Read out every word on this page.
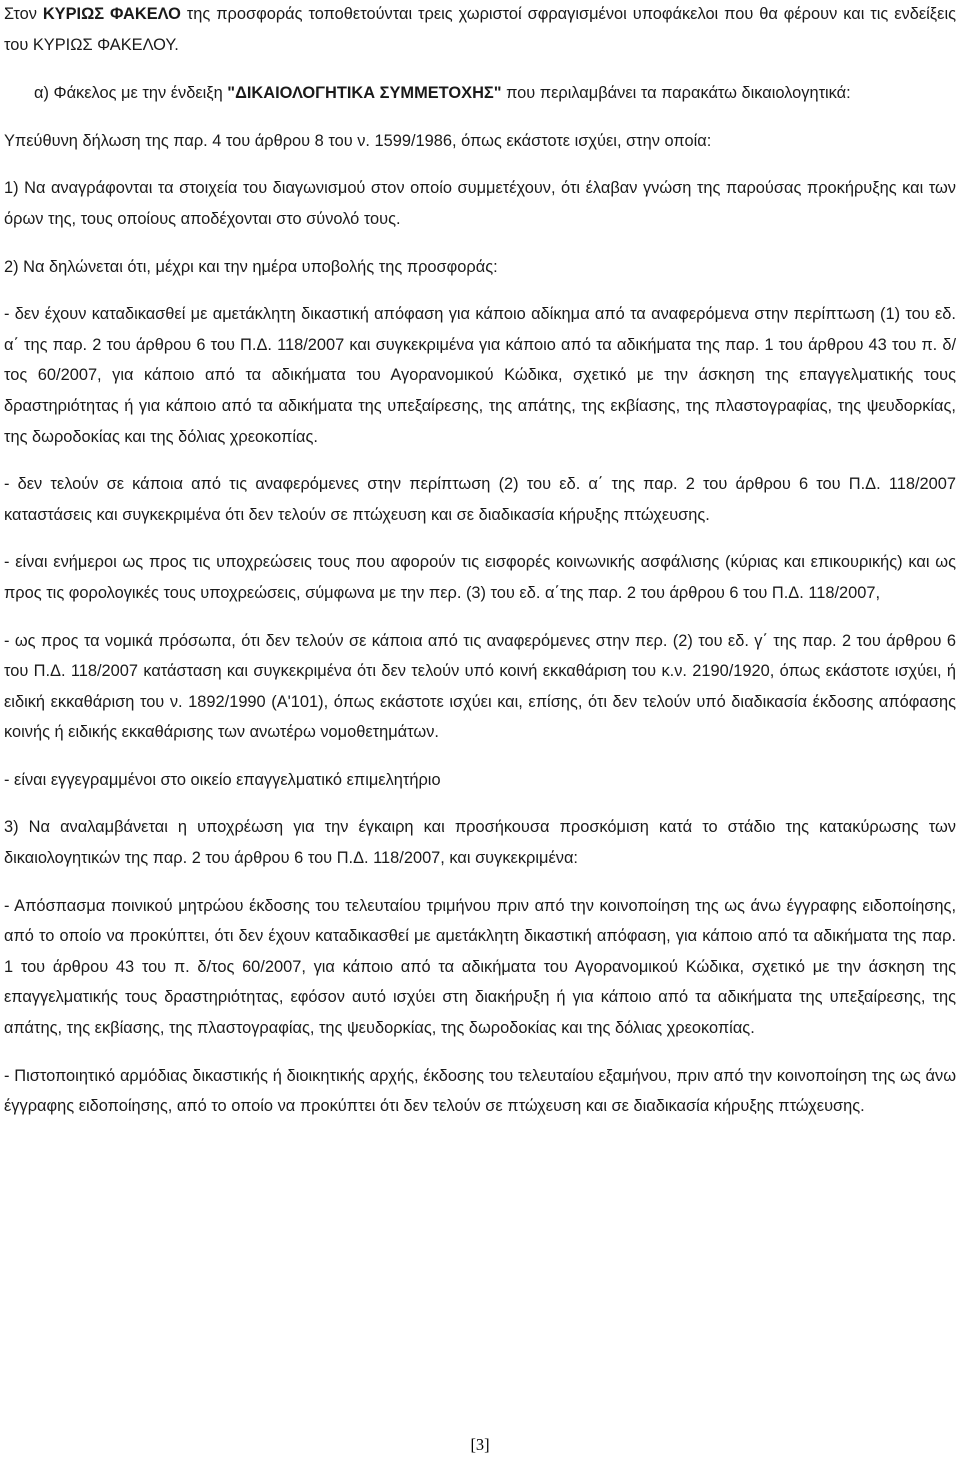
Στον ΚΥΡΙΩΣ ΦΑΚΕΛΟ της προσφοράς τοποθετούνται τρεις χωριστοί σφραγισμένοι υποφάκελοι που θα φέρουν και τις ενδείξεις του ΚΥΡΙΩΣ ΦΑΚΕΛΟΥ.

α) Φάκελος με την ένδειξη "ΔΙΚΑΙΟΛΟΓΗΤΙΚΑ ΣΥΜΜΕΤΟΧΗΣ" που περιλαμβάνει τα παρακάτω δικαιολογητικά:

Υπεύθυνη δήλωση της παρ. 4 του άρθρου 8 του ν. 1599/1986, όπως εκάστοτε ισχύει, στην οποία:

1) Να αναγράφονται τα στοιχεία του διαγωνισμού στον οποίο συμμετέχουν, ότι έλαβαν γνώση της παρούσας προκήρυξης και των όρων της, τους οποίους αποδέχονται στο σύνολό τους.

2) Να δηλώνεται ότι, μέχρι και την ημέρα υποβολής της προσφοράς:

- δεν έχουν καταδικασθεί με αμετάκλητη δικαστική απόφαση για κάποιο αδίκημα από τα αναφερόμενα στην περίπτωση (1) του εδ. α΄ της παρ. 2 του άρθρου 6 του Π.Δ. 118/2007 και συγκεκριμένα για κάποιο από τα αδικήματα της παρ. 1 του άρθρου 43 του π. δ/τος 60/2007, για κάποιο από τα αδικήματα του Αγορανομικού Κώδικα, σχετικό με την άσκηση της επαγγελματικής τους δραστηριότητας ή για κάποιο από τα αδικήματα της υπεξαίρεσης, της απάτης, της εκβίασης, της πλαστογραφίας, της ψευδορκίας, της δωροδοκίας και της δόλιας χρεοκοπίας.

- δεν τελούν σε κάποια από τις αναφερόμενες στην περίπτωση (2) του εδ. α΄ της παρ. 2 του άρθρου 6 του Π.Δ. 118/2007 καταστάσεις και συγκεκριμένα ότι δεν τελούν σε πτώχευση και σε διαδικασία κήρυξης πτώχευσης.

- είναι ενήμεροι ως προς τις υποχρεώσεις τους που αφορούν τις εισφορές κοινωνικής ασφάλισης (κύριας και επικουρικής) και ως προς τις φορολογικές τους υποχρεώσεις, σύμφωνα με την περ. (3) του εδ. α΄της παρ. 2 του άρθρου 6 του Π.Δ. 118/2007,

- ως προς τα νομικά πρόσωπα, ότι δεν τελούν σε κάποια από τις αναφερόμενες στην περ. (2) του εδ. γ΄ της παρ. 2 του άρθρου 6 του Π.Δ. 118/2007 κατάσταση και συγκεκριμένα ότι δεν τελούν υπό κοινή εκκαθάριση του κ.ν. 2190/1920, όπως εκάστοτε ισχύει, ή ειδική εκκαθάριση του ν. 1892/1990 (Α'101), όπως εκάστοτε ισχύει και, επίσης, ότι δεν τελούν υπό διαδικασία έκδοσης απόφασης κοινής ή ειδικής εκκαθάρισης των ανωτέρω νομοθετημάτων.

- είναι εγγεγραμμένοι στο οικείο επαγγελματικό επιμελητήριο

3) Να αναλαμβάνεται η υποχρέωση για την έγκαιρη και προσήκουσα προσκόμιση κατά το στάδιο της κατακύρωσης των δικαιολογητικών της παρ. 2 του άρθρου 6 του Π.Δ. 118/2007, και συγκεκριμένα:

- Απόσπασμα ποινικού μητρώου έκδοσης του τελευταίου τριμήνου πριν από την κοινοποίηση της ως άνω έγγραφης ειδοποίησης, από το οποίο να προκύπτει, ότι δεν έχουν καταδικασθεί με αμετάκλητη δικαστική απόφαση, για κάποιο από τα αδικήματα της παρ. 1 του άρθρου 43 του π. δ/τος 60/2007, για κάποιο από τα αδικήματα του Αγορανομικού Κώδικα, σχετικό με την άσκηση της επαγγελματικής τους δραστηριότητας, εφόσον αυτό ισχύει στη διακήρυξη ή για κάποιο από τα αδικήματα της υπεξαίρεσης, της απάτης, της εκβίασης, της πλαστογραφίας, της ψευδορκίας, της δωροδοκίας και της δόλιας χρεοκοπίας.

- Πιστοποιητικό αρμόδιας δικαστικής ή διοικητικής αρχής, έκδοσης του τελευταίου εξαμήνου, πριν από την κοινοποίηση της ως άνω έγγραφης ειδοποίησης, από το οποίο να προκύπτει ότι δεν τελούν σε πτώχευση και σε διαδικασία κήρυξης πτώχευσης.

[3]
